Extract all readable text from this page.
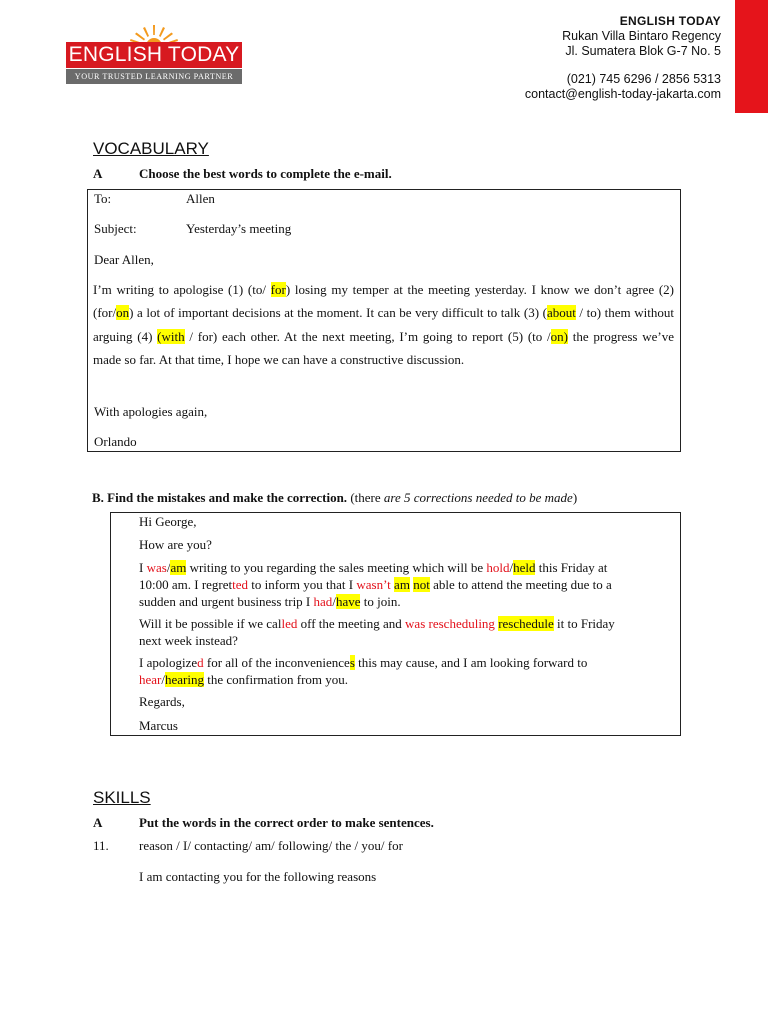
ENGLISH TODAY
YOUR TRUSTED LEARNING PARTNER
ENGLISH TODAY
Rukan Villa Bintaro Regency
Jl. Sumatera Blok G-7 No. 5
(021) 745 6296 / 2856 5313
contact@english-today-jakarta.com
VOCABULARY
A	Choose the best words to complete the e-mail.
To:	Allen
Subject:	Yesterday’s meeting
Dear Allen,
I’m writing to apologise (1) (to/ for) losing my temper at the meeting yesterday. I know we don’t agree (2) (for/on) a lot of important decisions at the moment. It can be very difficult to talk (3) (about / to) them without arguing (4) (with / for) each other. At the next meeting, I’m going to report (5) (to /on) the progress we’ve made so far. At that time, I hope we can have a constructive discussion.
With apologies again,
Orlando
B. Find the mistakes and make the correction. (there are 5 corrections needed to be made)
Hi George,
How are you?
I was/am writing to you regarding the sales meeting which will be hold/held this Friday at
10:00 am. I regretted to inform you that I wasn’t am not able to attend the meeting due to a
sudden and urgent business trip I had/have to join.
Will it be possible if we called off the meeting and was rescheduling reschedule it to Friday
next week instead?
I apologized for all of the inconveniences this may cause, and I am looking forward to
hear/hearing the confirmation from you.
Regards,
Marcus
SKILLS
A	Put the words in the correct order to make sentences.
11. reason / I/ contacting/ am/ following/ the / you/ for
I am contacting you for the following reasons
